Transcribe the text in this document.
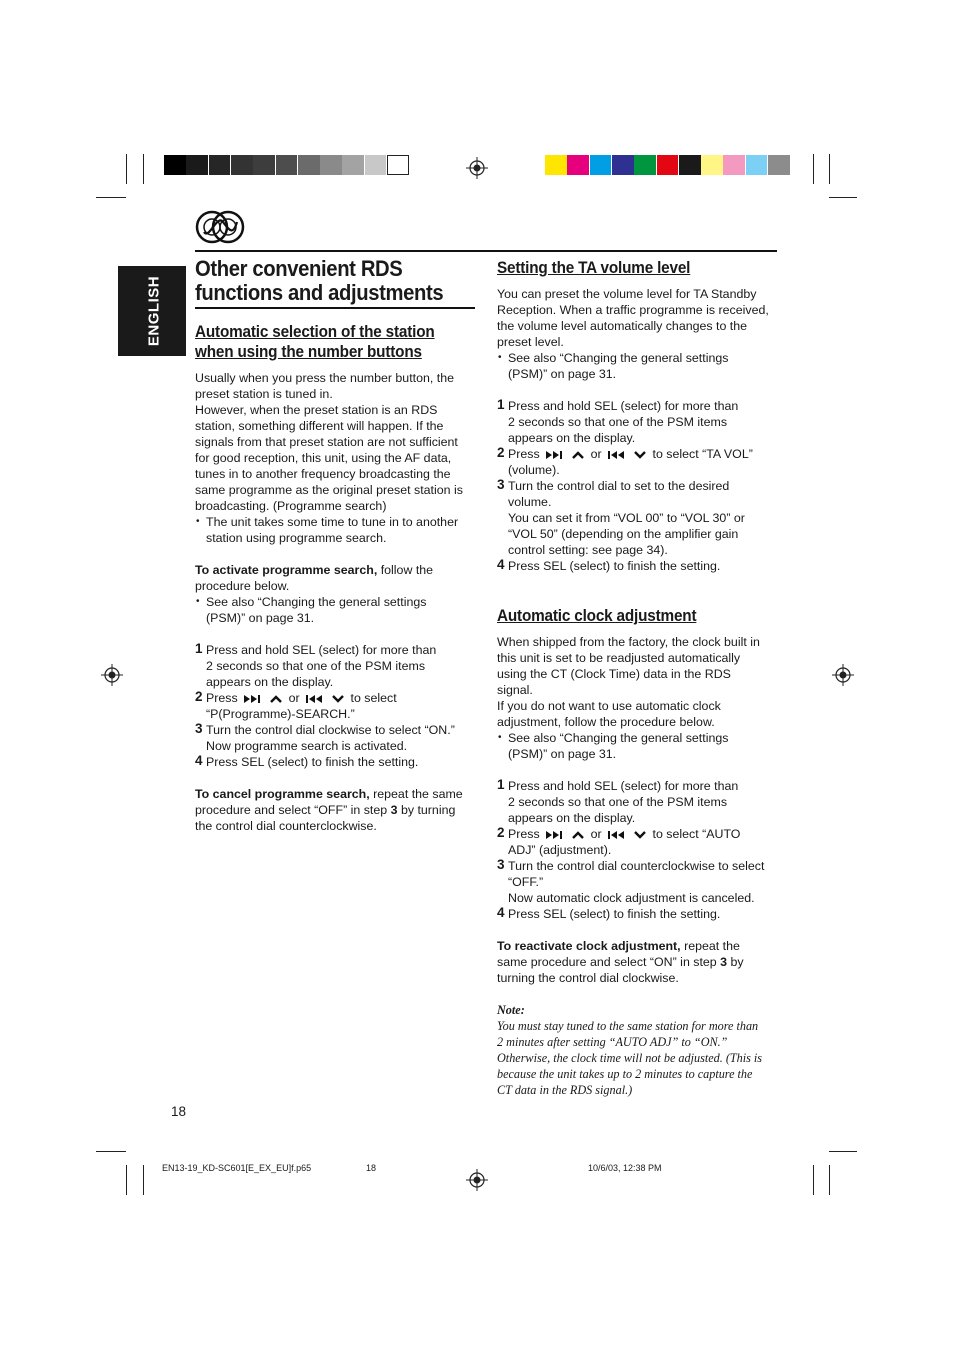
ENGLISH
Other convenient RDS
functions and adjustments
Automatic selection of the station
when using the number buttons
Usually when you press the number button, the
preset station is tuned in.
However, when the preset station is an RDS
station, something different will happen. If the
signals from that preset station are not sufficient
for good reception, this unit, using the AF data,
tunes in to another frequency broadcasting the
same programme as the original preset station is
broadcasting. (Programme search)
• The unit takes some time to tune in to another
station using programme search.
To activate programme search, follow the
procedure below.
• See also “Changing the general settings
(PSM)” on page 31.
1 Press and hold SEL (select) for more than
2 seconds so that one of the PSM items
appears on the display.
2 Press	or	to select
“P(Programme)-SEARCH.”
3 Turn the control dial clockwise to select “ON.”
Now programme search is activated.
4 Press SEL (select) to finish the setting.
To cancel programme search, repeat the same
procedure and select “OFF” in step 3 by turning
the control dial counterclockwise.
Setting the TA volume level
You can preset the volume level for TA Standby
Reception. When a traffic programme is received,
the volume level automatically changes to the
preset level.
• See also “Changing the general settings
(PSM)” on page 31.
1 Press and hold SEL (select) for more than
2 seconds so that one of the PSM items
appears on the display.
2 Press	or	to select “TA VOL”
(volume).
3 Turn the control dial to set to the desired
volume.
You can set it from “VOL 00” to “VOL 30” or
“VOL 50” (depending on the amplifier gain
control setting: see page 34).
4 Press SEL (select) to finish the setting.
Automatic clock adjustment
When shipped from the factory, the clock built in
this unit is set to be readjusted automatically
using the CT (Clock Time) data in the RDS
signal.
If you do not want to use automatic clock
adjustment, follow the procedure below.
• See also “Changing the general settings
(PSM)” on page 31.
1 Press and hold SEL (select) for more than
2 seconds so that one of the PSM items
appears on the display.
2 Press	or	to select “AUTO
ADJ” (adjustment).
3 Turn the control dial counterclockwise to select
“OFF.”
Now automatic clock adjustment is canceled.
4 Press SEL (select) to finish the setting.
To reactivate clock adjustment, repeat the
same procedure and select “ON” in step 3 by
turning the control dial clockwise.
Note:
You must stay tuned to the same station for more than
2 minutes after setting “AUTO ADJ” to “ON.”
Otherwise, the clock time will not be adjusted. (This is
because the unit takes up to 2 minutes to capture the
CT data in the RDS signal.)
18
EN13-19_KD-SC601[E_EX_EU]f.p65	18	10/6/03, 12:38 PM
